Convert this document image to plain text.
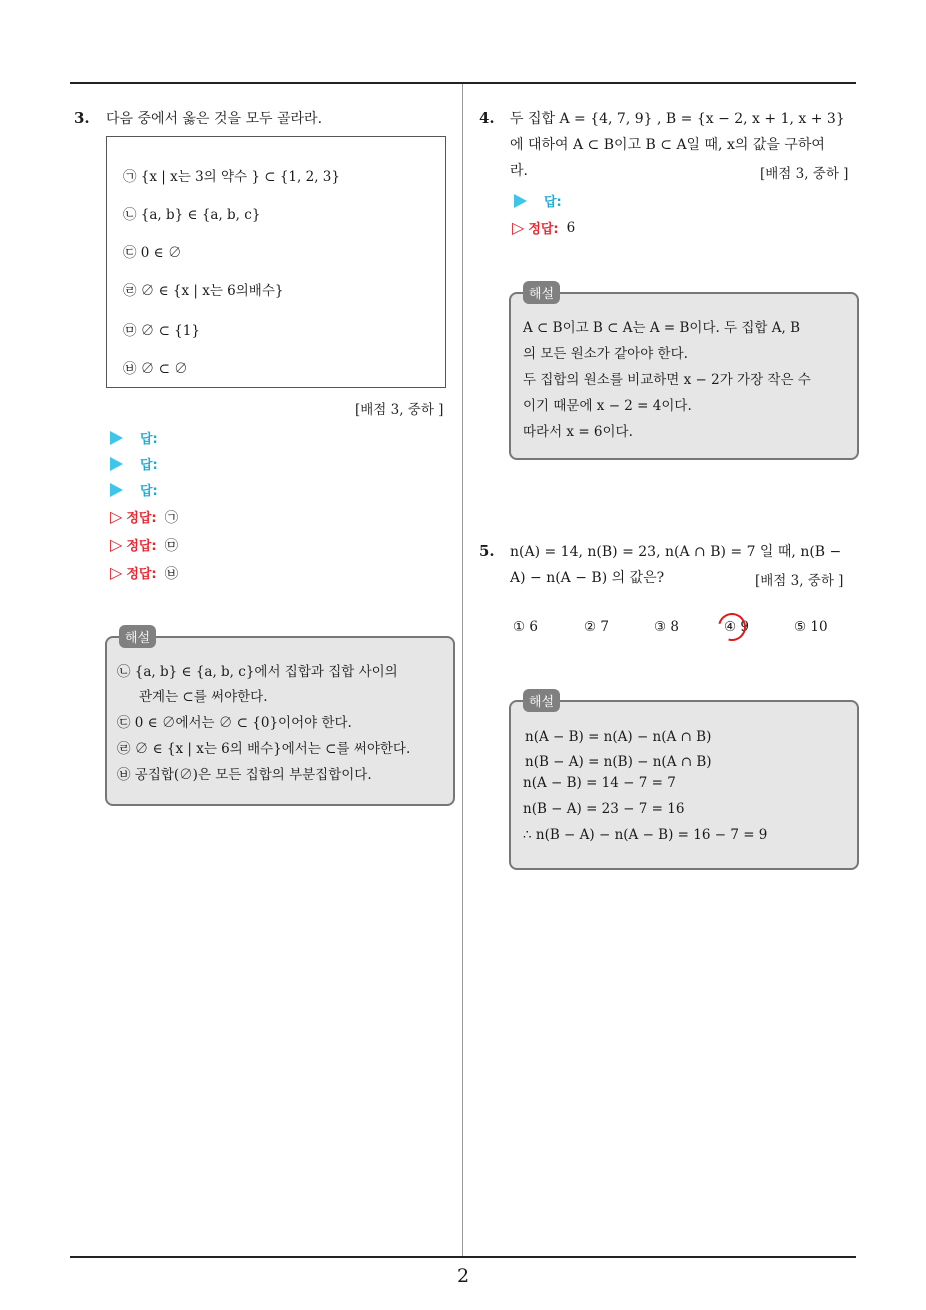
2
3. 다음 중에서 옳은 것을 모두 골라라.
㉠ {x | x는 3의 약수 } ⊂ {1, 2, 3}
㉡ {a, b} ∈ {a, b, c}
㉢ 0 ∈ ∅
㉣ ∅ ∈ {x | x는 6의배수}
㉤ ∅ ⊂ {1}
㉥ ∅ ⊂ ∅
[배점 3, 중하 ]
답:
답:
답:
▷ 정답: ㉠
▷ 정답: ㉤
▷ 정답: ㉥
해설
㉡ {a, b} ∈ {a, b, c}에서 집합과 집합 사이의
관계는 ⊂를 써야한다.
㉢ 0 ∈ ∅에서는 ∅ ⊂ {0}이어야 한다.
㉣ ∅ ∈ {x | x는 6의 배수}에서는 ⊂를 써야한다.
㉥ 공집합(∅)은 모든 집합의 부분집합이다.
4. 두 집합 A = {4, 7, 9} , B = {x − 2, x + 1, x + 3}
에 대하여 A ⊂ B이고 B ⊂ A일 때, x의 값을 구하여
라.	[배점 3, 중하 ]
답:
▷ 정답: 6
해설
A ⊂ B이고 B ⊂ A는 A = B이다. 두 집합 A, B
의 모든 원소가 같아야 한다.
두 집합의 원소를 비교하면 x − 2가 가장 작은 수
이기 때문에 x − 2 = 4이다.
따라서 x = 6이다.
5. n(A) = 14, n(B) = 23, n(A ∩ B) = 7 일 때, n(B −
A) − n(A − B) 의 값은?	[배점 3, 중하 ]
① 6	② 7	③ 8	④ 9	⑤ 10
해설
n(A − B) = n(A) − n(A ∩ B)
n(B − A) = n(B) − n(A ∩ B)
n(A − B) = 14 − 7 = 7
n(B − A) = 23 − 7 = 16
∴ n(B − A) − n(A − B) = 16 − 7 = 9
